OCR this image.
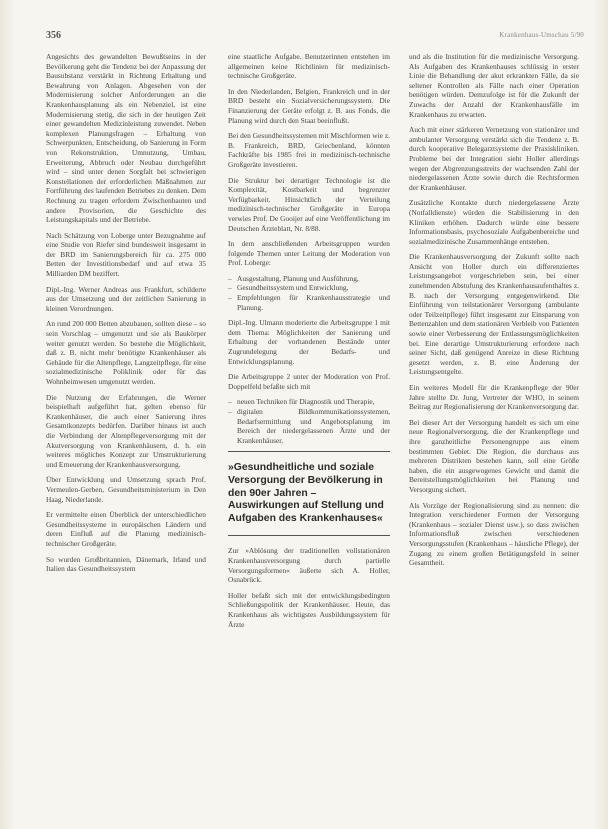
356	Krankenhaus-Umschau 5/90

Angesichts des gewandelten Bewußtseins in der Bevölkerung geht die Tendenz bei der Anpassung der Bausubstanz verstärkt in Richtung Erhaltung und Bewahrung von Anlagen. Abgesehen von der Modernisierung solcher Anforderungen an die Krankenhausplanung als ein Nebenziel, ist eine Modernisierung stetig, die sich in der heutigen Zeit einer gewandelten Medizinleistung zuwendet. Neben komplexen Planungsfragen – Erhaltung von Schwerpunkten, Entscheidung, ob Sanierung in Form von Rekonstruktion, Umnutzung, Umbau, Erweiterung, Abbruch oder Neubau durchgeführt wird – sind unter denen Sorgfalt bei schwierigen Konstellationen der erforderlichen Maßnahmen zur Fortführung des laufenden Betriebes zu denken. Dem Rechnung zu tragen erfordern Zwischenbauten und andere Provisorien, die Geschichte des Leistungskapitals und der Betriebe.

Nach Schätzung von Loberge unter Bezugnahme auf eine Studie von Riefer sind bundesweit insgesamt in der BRD im Sanierungsbereich für ca. 275 000 Betten der Investitionsbedarf und auf etwa 35 Milliarden DM beziffert.

Dipl.-Ing. Werner Andreas aus Frankfurt, schilderte aus der Umsetzung und der zeitlichen Sanierung in kleinen Verordnungen.

An rund 200 000 Betten abzubauen, sollten diese – so sein Vorschlag – umgenutzt und sie als Baukörper weiter genutzt werden. So bestehe die Möglichkeit, daß z. B. nicht mehr benötigte Krankenhäuser als Gebäude für die Altenpflege, Langzeitpflege, für eine sozialmedizinische Poliklinik oder für das Wohnheimwesen umgenutzt werden.

Die Nutzung der Erfahrungen, die Werner beispielhaft aufgeführt hat, gelten ebenso für Krankenhäuser, die auch einer Sanierung ihres Gesamtkonzepts bedürfen. Darüber hinaus ist auch die Verbindung der Altenpflegeversorgung mit der Akutversorgung von Krankenhäusern, d. h. ein weiteres mögliches Konzept zur Umstrukturierung und Erneuerung der Krankenhausversorgung.

Über Entwicklung und Umsetzung sprach Prof. Vermeulen-Gerben, Gesundheitsministerium in Den Haag, Niederlande.

Er vermittelte einen Überblick der unterschiedlichen Gesundheitssysteme in europäischen Ländern und deren Einfluß auf die Planung medizinisch-technischer Großgeräte.

So wurden Großbritannien, Dänemark, Irland und Italien das Gesundheitssystem

eine staatliche Aufgabe. Benutzerinnen entstehen im allgemeinen keine Richtlinien für medizinisch-technische Großgeräte.

In den Niederlanden, Belgien, Frankreich und in der BRD besteht ein Sozialversicherungssystem. Die Finanzierung der Geräte erfolgt z. B. aus Fonds, die Planung wird durch den Staat beeinflußt.

Bei den Gesundheitssystemen mit Mischformen wie z. B. Frankreich, BRD, Griechenland, könnten Fachkräfte bis 1985 frei in medizinisch-technische Großgeräte investieren.

Die Struktur bei derartiger Technologie ist die Komplexität, Kostbarkeit und begrenzter Verfügbarkeit. Hinsichtlich der Verteilung medizinisch-technischer Großgeräte in Europa verwies Prof. De Gooijer auf eine Veröffentlichung im Deutschen Ärzteblatt, Nr. 8/88.

In dem anschließenden Arbeitsgruppen wurden folgende Themen unter Leitung der Moderation von Prof. Loberge:

– Ausgestaltung, Planung und Ausführung,
– Gesundheitssystem und Entwicklung,
– Empfehlungen für Krankenhausstrategie und Planung.

Dipl.-Ing. Ulmann moderierte die Arbeitsgruppe 1 mit dem Thema: Möglichkeiten der Sanierung und Erhaltung der vorhandenen Bestände unter Zugrundelegung der Bedarfs- und Entwicklungsplanung.

Die Arbeitsgruppe 2 unter der Moderation von Prof. Doppelfeld befaßte sich mit

– neuen Techniken für Diagnostik und Therapie,
– digitalen Bildkommunikationssystemen, Bedarfsermittlung und Angebotsplanung im Bereich der niedergelassenen Ärzte und der Krankenhäuser.
»Gesundheitliche und soziale Versorgung der Bevölkerung in den 90er Jahren – Auswirkungen auf Stellung und Aufgaben des Krankenhauses«

Zur »Ablösung der traditionellen vollstationären Krankenhausversorgung durch partielle Versorgungsformen« äußerte sich A. Holler, Osnabrück.

Holler befaßt sich mit der entwicklungsbedingten Schließungspolitik der Krankenhäuser. Heute, das Krankenhaus als wichtigstes Ausbildungssystem für Ärzte

und als die Institution für die medizinische Versorgung. Als Aufgaben des Krankenhauses schlüssig in erster Linie die Behandlung der akut erkrankten Fälle, da sie seltener Kontrollen als Fälle nach einer Operation benötigen würden. Demzufolge ist für die Zukunft der Zuwachs der Anzahl der Krankenhausfälle im Krankenhaus zu erwarten.

Auch mit einer stärkeren Vernetzung von stationärer und ambulanter Versorgung verstärkt sich die Tendenz z. B. durch kooperative Belegarztsysteme der Praxiskliniken. Probleme bei der Integration sieht Holler allerdings wegen der Abgrenzungsstreits der wachsenden Zahl der niedergelassenen Ärzte sowie durch die Rechtsformen der Krankenhäuser.

Zusätzliche Kontakte durch niedergelassene Ärzte (Notfalldienste) würden die Stabilisierung in den Kliniken erhöhen. Dadurch würde eine bessere Informationsbasis, psychosoziale Aufgabenbereiche und sozialmedizinische Zusammenhänge entstehen.

Die Krankenhausversorgung der Zukunft sollte nach Ansicht von Holler durch ein differenziertes Leistungsangebot vorgeschrieben sein, bei einer zunehmenden Abstufung des Krankenhausaufenthaltes z. B. nach der Versorgung entgegenwirkend. Die Einführung von teilstationärer Versorgung (ambulante oder Teilzeitpflege) führt insgesamt zur Einsparung von Bettenzahlen und dem stationären Verbleib von Patienten sowie einer Verbesserung der Entlassungsmöglichkeiten bei. Eine derartige Umstrukturierung erfordere nach seiner Sicht, daß genügend Anreize in diese Richtung gesetzt werden, z. B. eine Änderung der Leistungsentgelte.

Ein weiteres Modell für die Krankenpflege der 90er Jahre stellte Dr. Jung, Vertreter der WHO, in seinem Beitrag zur Regionalisierung der Krankenversorgung dar.

Bei dieser Art der Versorgung handelt es sich um eine neue Regionalversorgung, die der Krankenpflege und ihre ganzheitliche Personengruppe aus einem bestimmten Gebiet. Die Region, die durchaus aus mehreren Distrikten bestehen kann, soll eine Größe haben, die ein ausgewogenes Gewicht und damit die Bereitstellungsmöglichkeiten bei Planung und Versorgung sichert.

Als Vorzüge der Regionalisierung sind zu nennen: die Integration verschiedener Formen der Versorgung (Krankenhaus – sozialer Dienst usw.), so dass zwischen Informationsfluß zwischen verschiedenen Versorgungsstufen (Krankenhaus – häusliche Pflege), der Zugang zu einem großen Betätigungsfeld in seiner Gesamtheit.
